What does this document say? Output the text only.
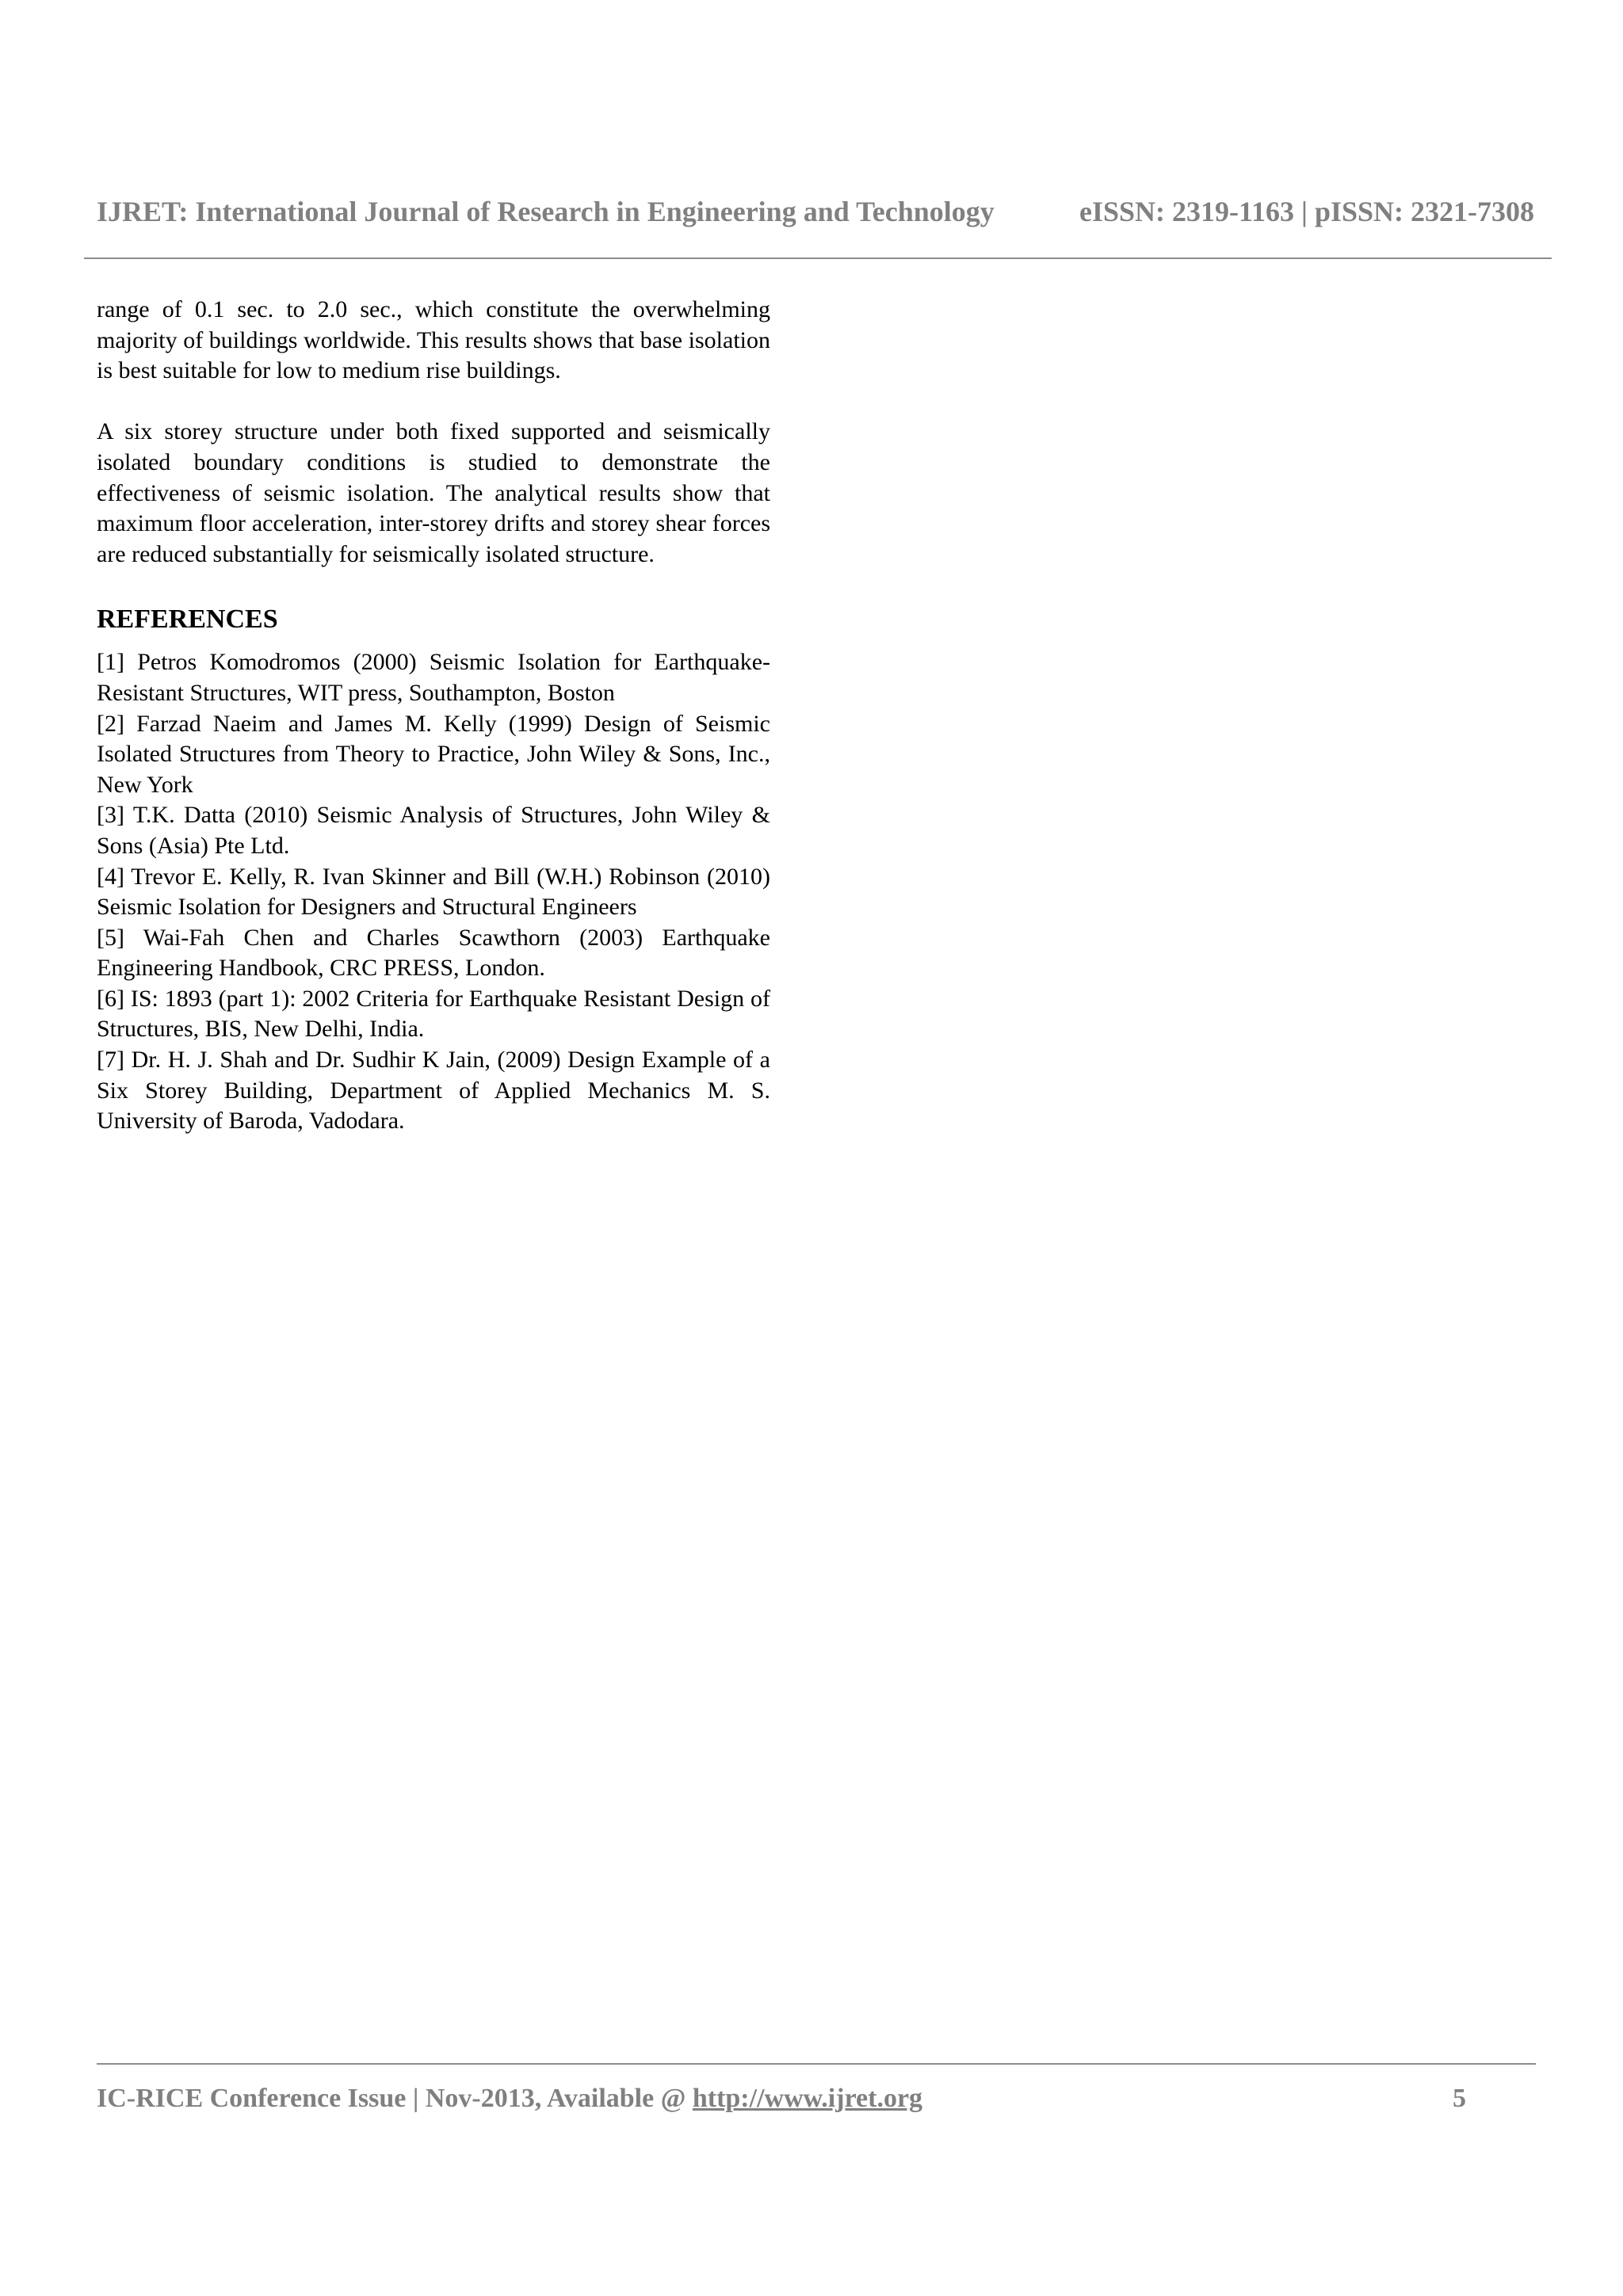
IJRET: International Journal of Research in Engineering and Technology	eISSN: 2319-1163 | pISSN: 2321-7308

range of 0.1 sec. to 2.0 sec., which constitute the overwhelming majority of buildings worldwide. This results shows that base isolation is best suitable for low to medium rise buildings.

A six storey structure under both fixed supported and seismically isolated boundary conditions is studied to demonstrate the effectiveness of seismic isolation. The analytical results show that maximum floor acceleration, inter-storey drifts and storey shear forces are reduced substantially for seismically isolated structure.

REFERENCES

[1] Petros Komodromos (2000) Seismic Isolation for Earthquake-Resistant Structures, WIT press, Southampton, Boston

[2] Farzad Naeim and James M. Kelly (1999) Design of Seismic Isolated Structures from Theory to Practice, John Wiley & Sons, Inc., New York

[3] T.K. Datta (2010) Seismic Analysis of Structures, John Wiley & Sons (Asia) Pte Ltd.

[4] Trevor E. Kelly, R. Ivan Skinner and Bill (W.H.) Robinson (2010) Seismic Isolation for Designers and Structural Engineers

[5] Wai-Fah Chen and Charles Scawthorn (2003) Earthquake Engineering Handbook, CRC PRESS, London.

[6] IS: 1893 (part 1): 2002 Criteria for Earthquake Resistant Design of Structures, BIS, New Delhi, India.

[7] Dr. H. J. Shah and Dr. Sudhir K Jain, (2009) Design Example of a Six Storey Building, Department of Applied Mechanics M. S. University of Baroda, Vadodara.

IC-RICE Conference Issue | Nov-2013, Available @ http://www.ijret.org	5
